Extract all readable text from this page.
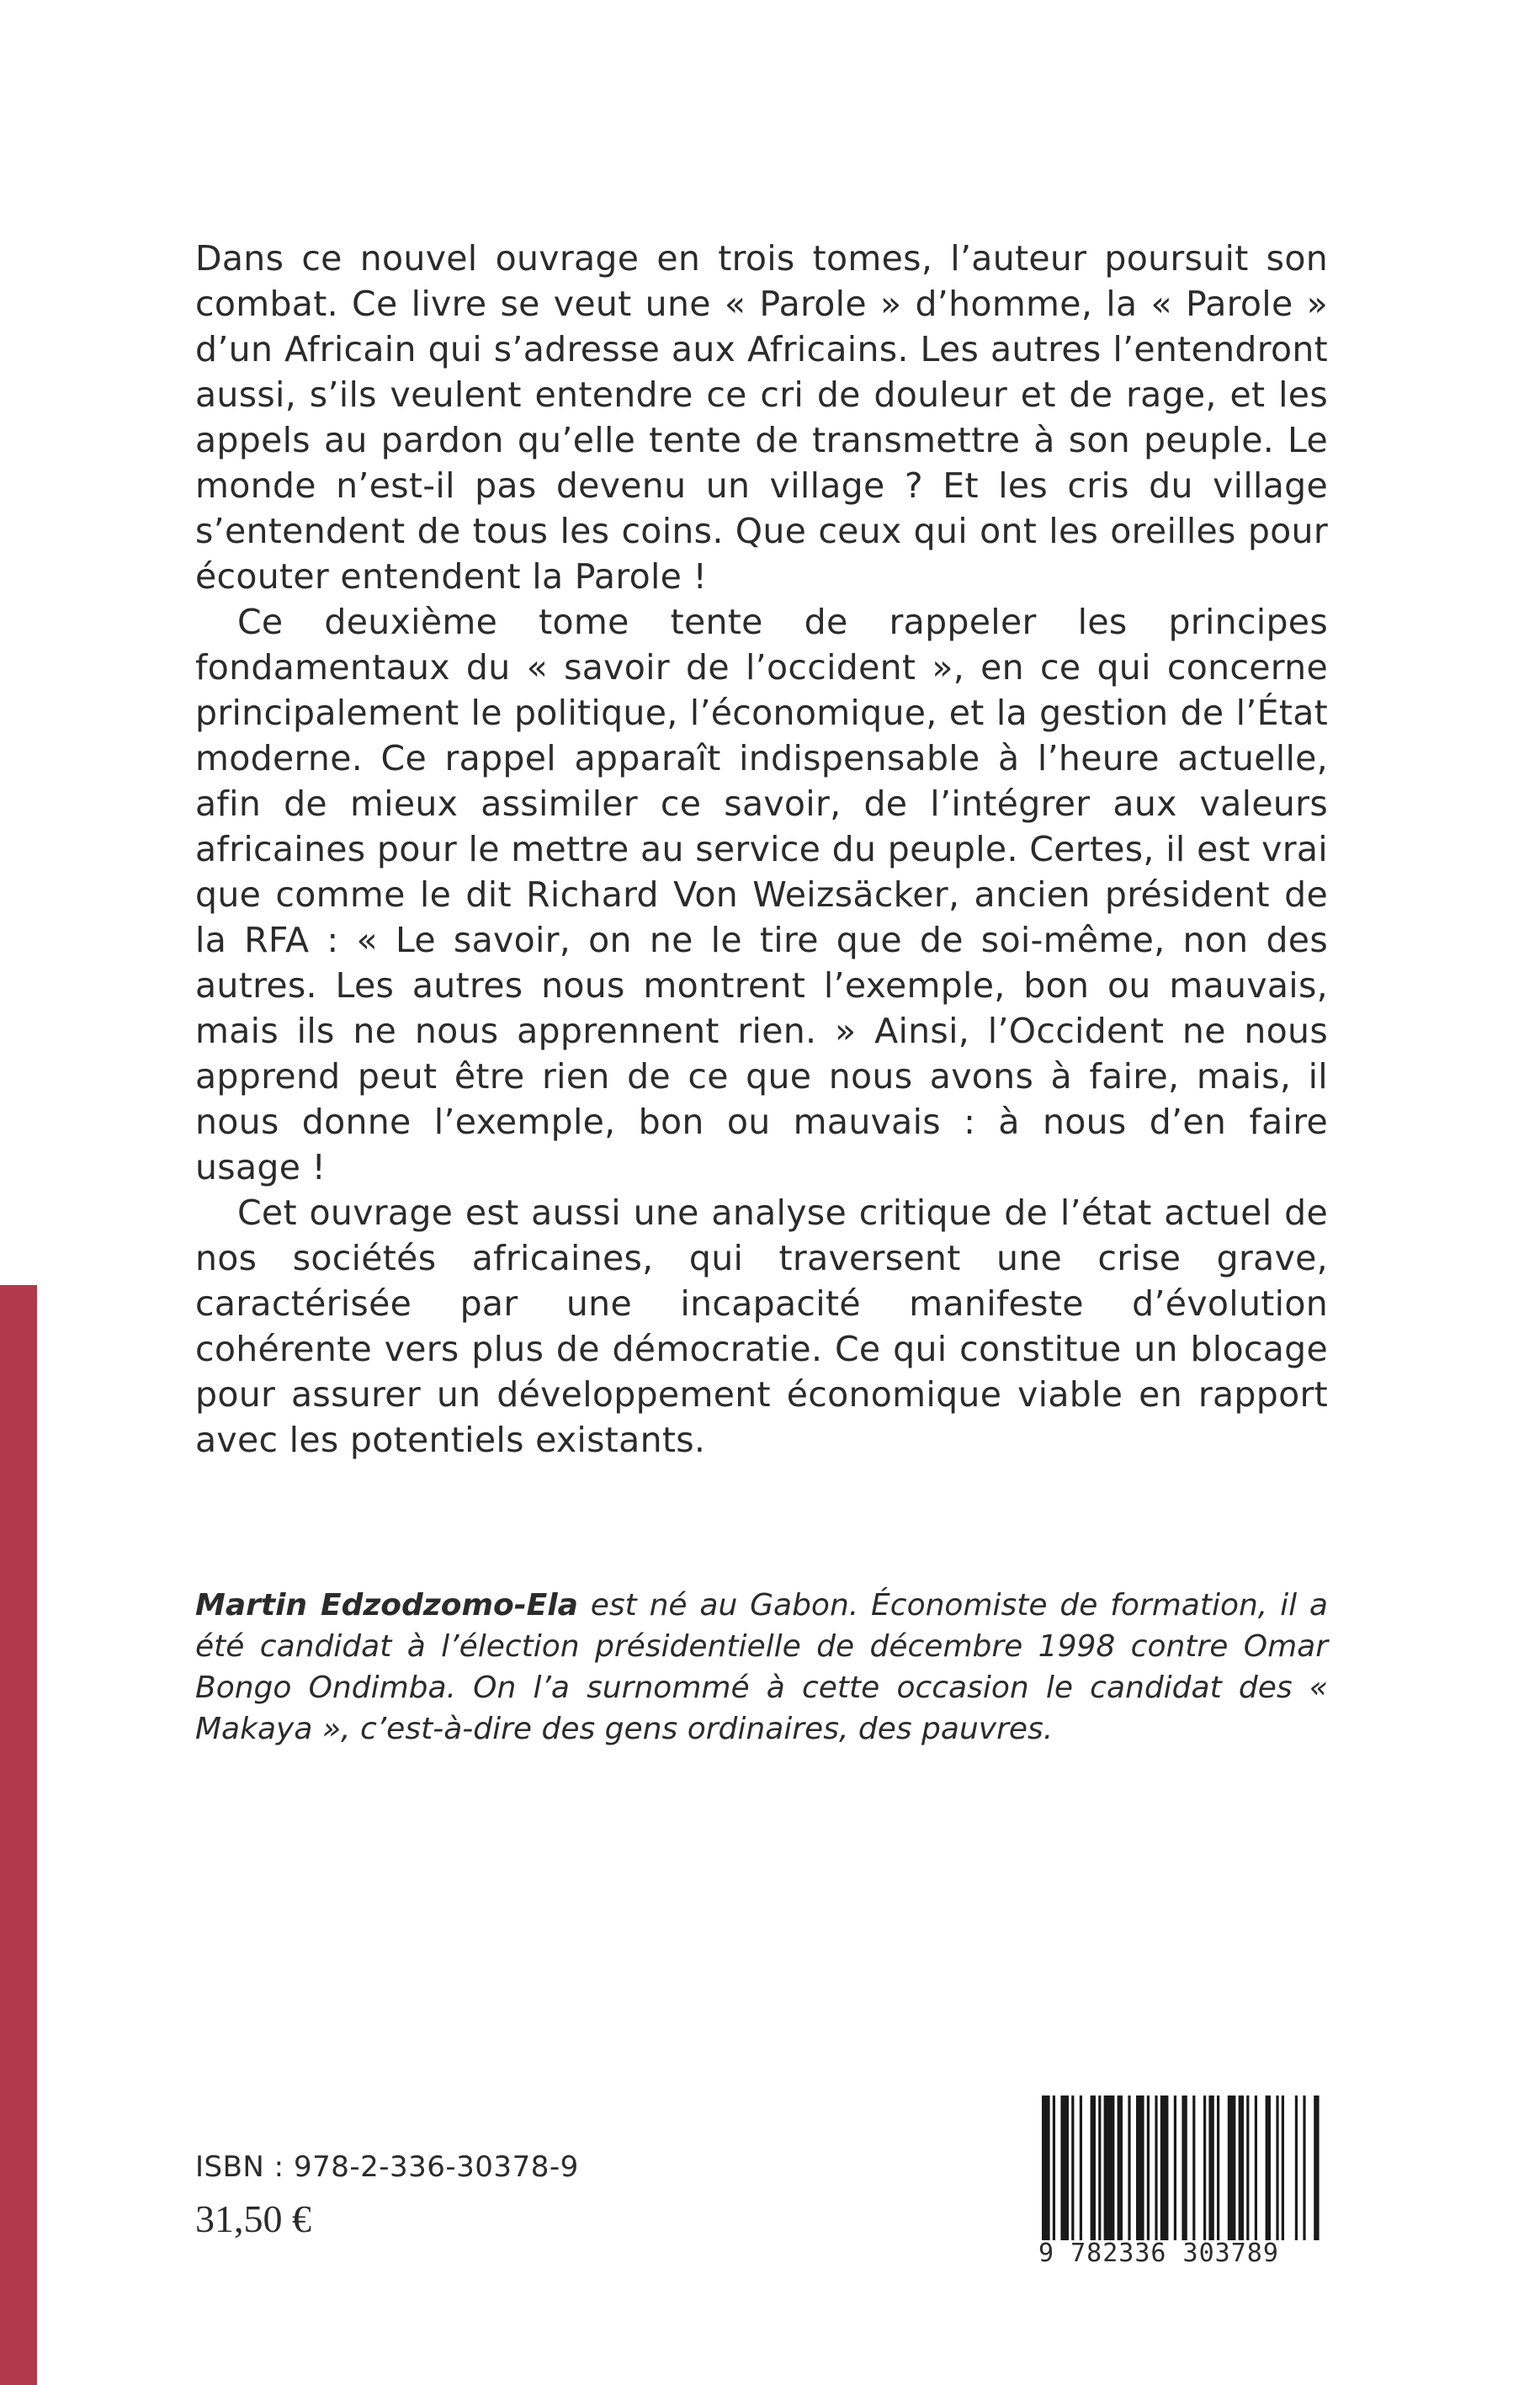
Dans ce nouvel ouvrage en trois tomes, l’auteur poursuit son combat. Ce livre se veut une « Parole » d’homme, la « Parole » d’un Africain qui s’adresse aux Africains. Les autres l’entendront aussi, s’ils veulent entendre ce cri de douleur et de rage, et les appels au pardon qu’elle tente de transmettre à son peuple. Le monde n’est-il pas devenu un village ? Et les cris du village s’entendent de tous les coins. Que ceux qui ont les oreilles pour écouter entendent la Parole !

Ce deuxième tome tente de rappeler les principes fondamentaux du « savoir de l’occident », en ce qui concerne principalement le politique, l’économique, et la gestion de l’État moderne. Ce rappel apparaît indispensable à l’heure actuelle, afin de mieux assimiler ce savoir, de l’intégrer aux valeurs africaines pour le mettre au service du peuple. Certes, il est vrai que comme le dit Richard Von Weizsäcker, ancien président de la RFA : « Le savoir, on ne le tire que de soi-même, non des autres. Les autres nous montrent l’exemple, bon ou mauvais, mais ils ne nous apprennent rien. » Ainsi, l’Occident ne nous apprend peut être rien de ce que nous avons à faire, mais, il nous donne l’exemple, bon ou mauvais : à nous d’en faire usage !

Cet ouvrage est aussi une analyse critique de l’état actuel de nos sociétés africaines, qui traversent une crise grave, caractérisée par une incapacité manifeste d’évolution cohérente vers plus de démocratie. Ce qui constitue un blocage pour assurer un développement économique viable en rapport avec les potentiels existants.

Martin Edzodzomo-Ela est né au Gabon. Économiste de formation, il a été candidat à l’élection présidentielle de décembre 1998 contre Omar Bongo Ondimba. On l’a surnommé à cette occasion le candidat des « Makaya », c’est-à-dire des gens ordinaires, des pauvres.

ISBN : 978-2-336-30378-9
31,50 €
9 782336 303789
